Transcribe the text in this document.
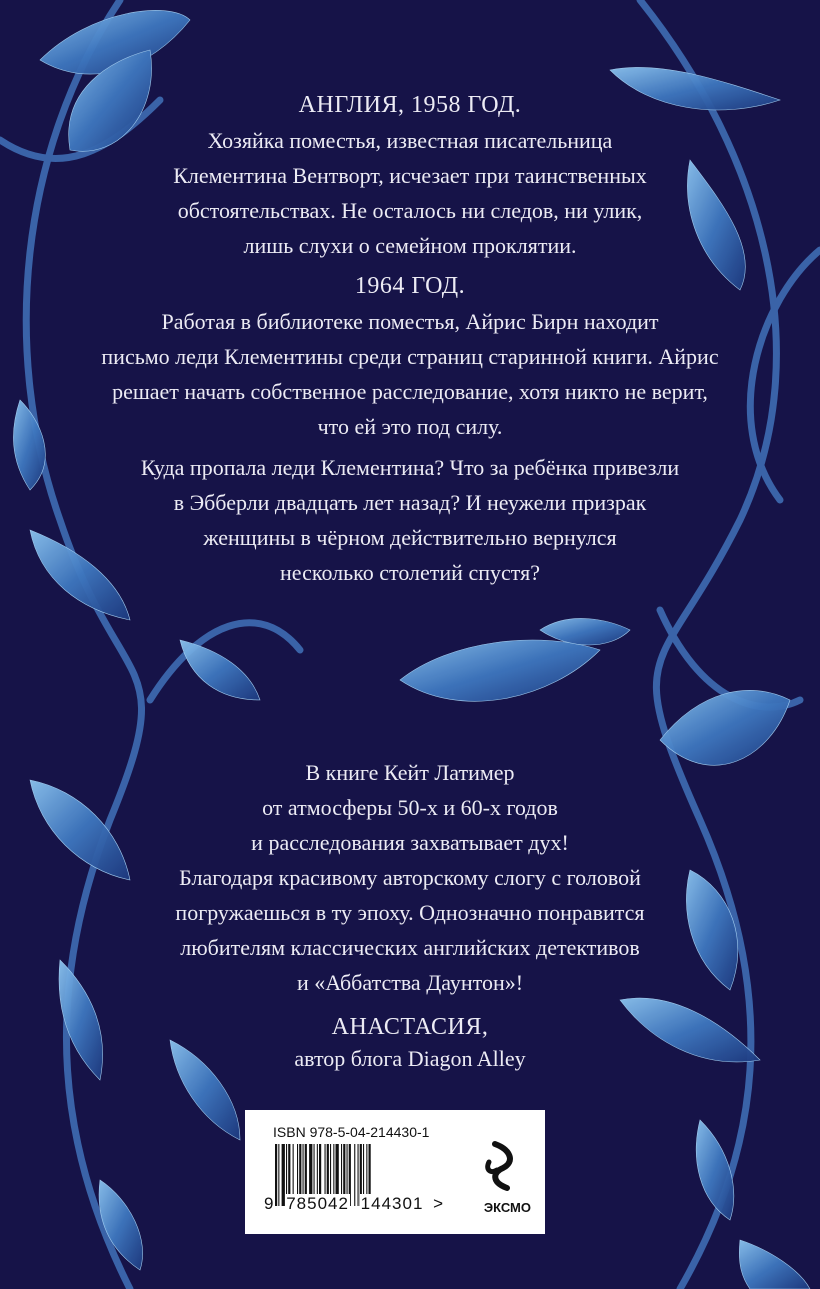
АНГЛИЯ, 1958 ГОД.
Хозяйка поместья, известная писательница
Клементина Вентворт, исчезает при таинственных
обстоятельствах. Не осталось ни следов, ни улик,
лишь слухи о семейном проклятии.
1964 ГОД.
Работая в библиотеке поместья, Айрис Бирн находит
письмо леди Клементины среди страниц старинной книги. Айрис
решает начать собственное расследование, хотя никто не верит,
что ей это под силу.
Куда пропала леди Клементина? Что за ребёнка привезли
в Эбберли двадцать лет назад? И неужели призрак
женщины в чёрном действительно вернулся
несколько столетий спустя?
В книге Кейт Латимер
от атмосферы 50-х и 60-х годов
и расследования захватывает дух!
Благодаря красивому авторскому слогу с головой
погружаешься в ту эпоху. Однозначно понравится
любителям классических английских детективов
и «Аббатства Даунтон»!
АНАСТАСИЯ,
автор блога Diagon Alley
ISBN 978-5-04-214430-1
9 785042 144301 >	ЭКСМО
